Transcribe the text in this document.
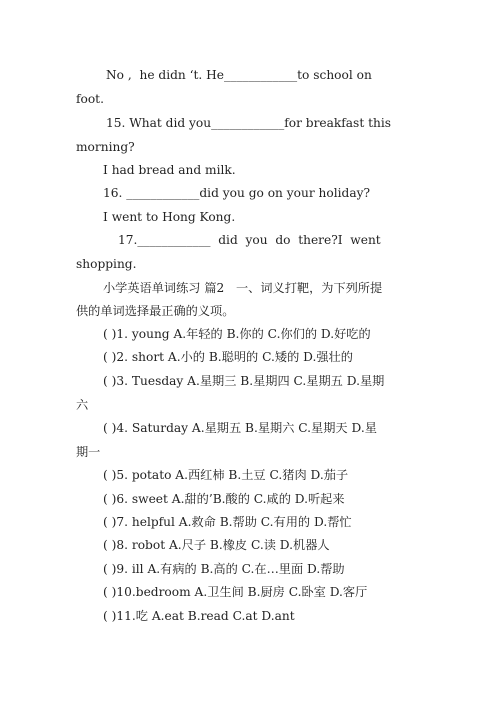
No ,  he didn ‘t. He____________to school on
foot.
15. What did you____________for breakfast this
morning?
I had bread and milk.
16. ____________did you go on your holiday?
I went to Hong Kong.
17.____________  did  you  do  there?I  went
shopping.
小学英语单词练习 篇2   一、词义打靶，为下列所提
供的单词选择最正确的义项。
( )1. young A.年轻的 B.你的 C.你们的 D.好吃的
( )2. short A.小的 B.聪明的 C.矮的 D.强壮的
( )3. Tuesday A.星期三 B.星期四 C.星期五 D.星期
六
( )4. Saturday A.星期五 B.星期六 C.星期天 D.星
期一
( )5. potato A.西红柿 B.土豆 C.猪肉 D.茄子
( )6. sweet A.甜的’B.酸的 C.咸的 D.听起来
( )7. helpful A.救命 B.帮助 C.有用的 D.帮忙
( )8. robot A.尺子 B.橡皮 C.读 D.机器人
( )9. ill A.有病的 B.高的 C.在…里面 D.帮助
( )10.bedroom A.卫生间 B.厨房 C.卧室 D.客厅
( )11.吃 A.eat B.read C.at D.ant
